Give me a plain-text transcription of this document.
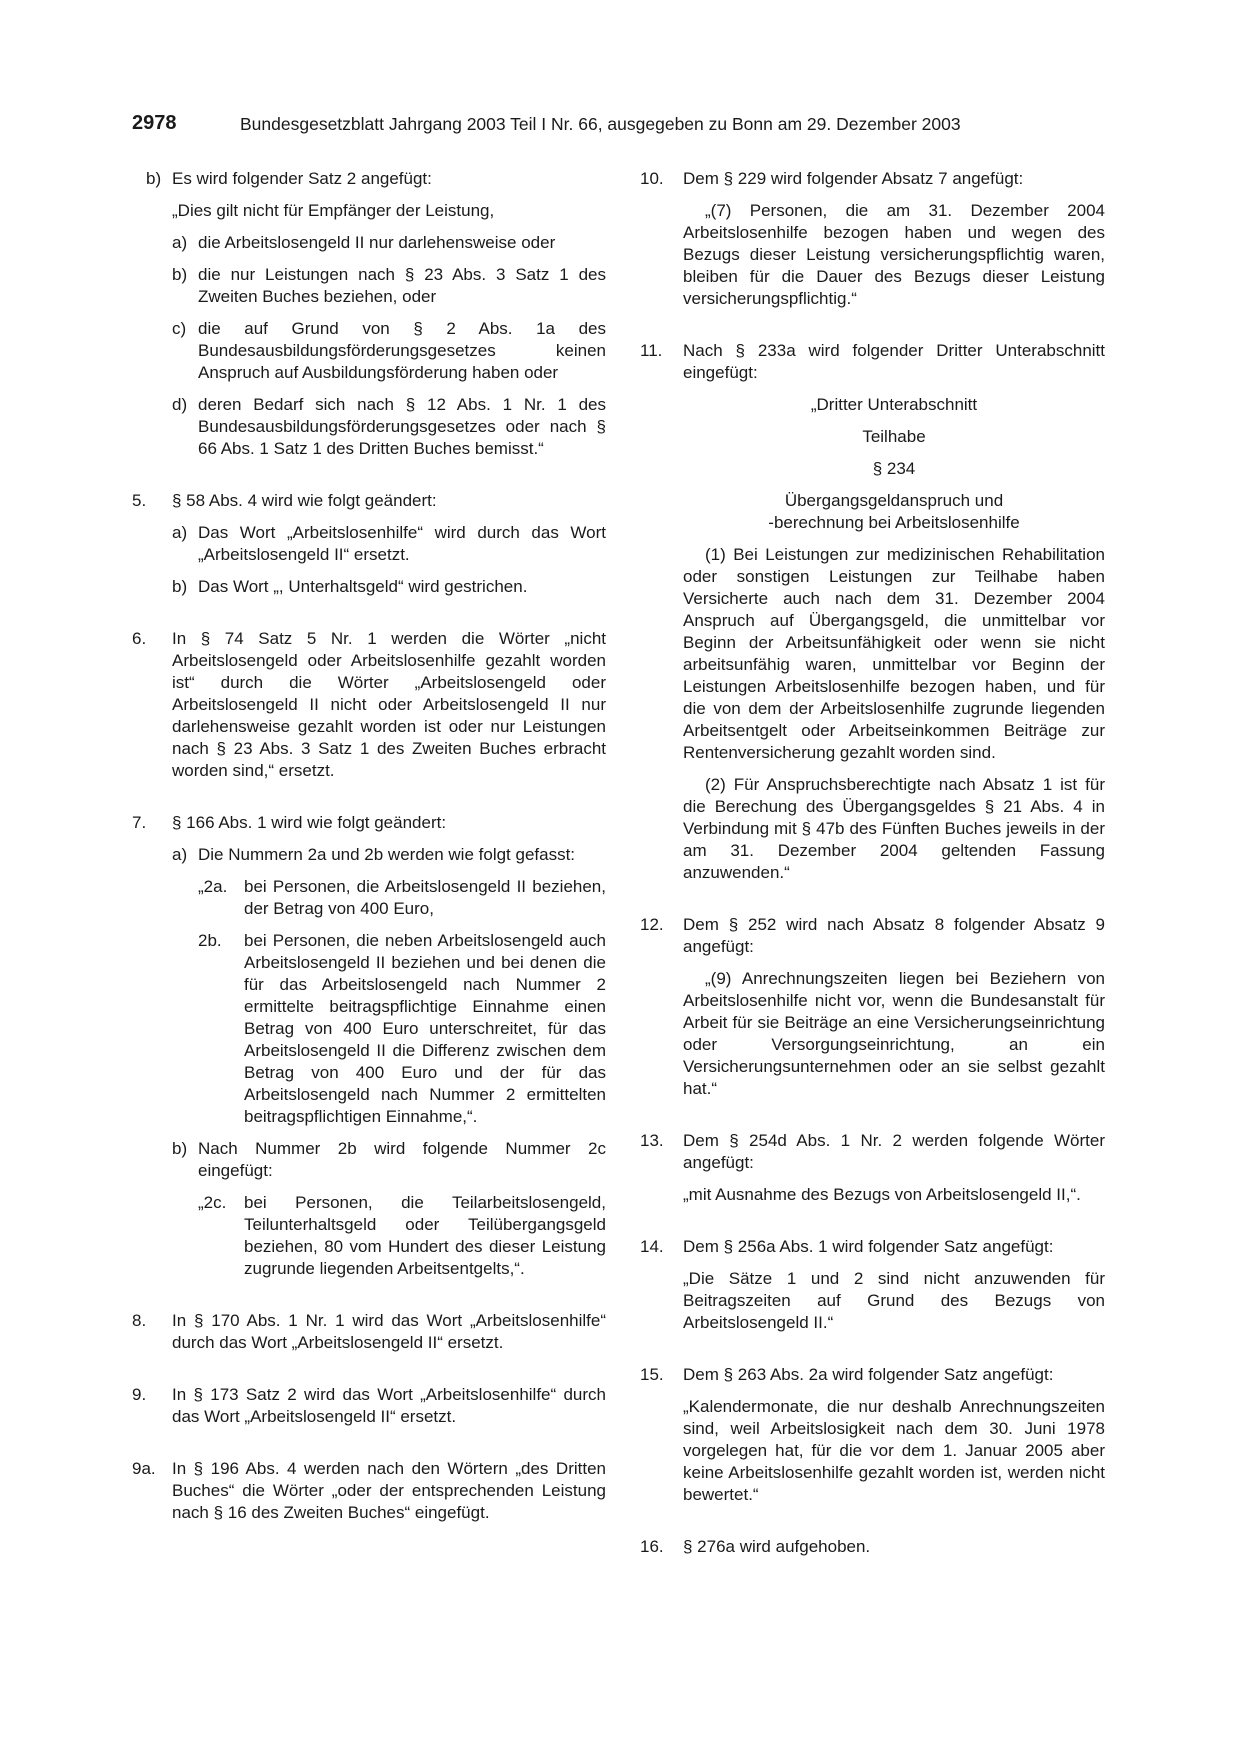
2978	Bundesgesetzblatt Jahrgang 2003 Teil I Nr. 66, ausgegeben zu Bonn am 29. Dezember 2003
b) Es wird folgender Satz 2 angefügt:

„Dies gilt nicht für Empfänger der Leistung,

a) die Arbeitslosengeld II nur darlehensweise oder
b) die nur Leistungen nach § 23 Abs. 3 Satz 1 des Zweiten Buches beziehen, oder
c) die auf Grund von § 2 Abs. 1a des Bundesausbildungsförderungsgesetzes keinen Anspruch auf Ausbildungsförderung haben oder
d) deren Bedarf sich nach § 12 Abs. 1 Nr. 1 des Bundesausbildungsförderungsgesetzes oder nach § 66 Abs. 1 Satz 1 des Dritten Buches bemisst.“
5. § 58 Abs. 4 wird wie folgt geändert:

a) Das Wort „Arbeitslosenhilfe“ wird durch das Wort „Arbeitslosengeld II“ ersetzt.
b) Das Wort „, Unterhaltsgeld“ wird gestrichen.
6. In § 74 Satz 5 Nr. 1 werden die Wörter „nicht Arbeitslosengeld oder Arbeitslosenhilfe gezahlt worden ist“ durch die Wörter „Arbeitslosengeld oder Arbeitslosengeld II nicht oder Arbeitslosengeld II nur darlehensweise gezahlt worden ist oder nur Leistungen nach § 23 Abs. 3 Satz 1 des Zweiten Buches erbracht worden sind,“ ersetzt.

7. § 166 Abs. 1 wird wie folgt geändert:

a) Die Nummern 2a und 2b werden wie folgt gefasst:
„2a. bei Personen, die Arbeitslosengeld II beziehen, der Betrag von 400 Euro,
2b. bei Personen, die neben Arbeitslosengeld auch Arbeitslosengeld II beziehen und bei denen die für das Arbeitslosengeld nach Nummer 2 ermittelte beitragspflichtige Einnahme einen Betrag von 400 Euro unterschreitet, für das Arbeitslosengeld II die Differenz zwischen dem Betrag von 400 Euro und der für das Arbeitslosengeld nach Nummer 2 ermittelten beitragspflichtigen Einnahme,“.
b) Nach Nummer 2b wird folgende Nummer 2c eingefügt:
„2c. bei Personen, die Teilarbeitslosengeld, Teilunterhaltsgeld oder Teilübergangsgeld beziehen, 80 vom Hundert des dieser Leistung zugrunde liegenden Arbeitsentgelts,“.
8. In § 170 Abs. 1 Nr. 1 wird das Wort „Arbeitslosenhilfe“ durch das Wort „Arbeitslosengeld II“ ersetzt.

9. In § 173 Satz 2 wird das Wort „Arbeitslosenhilfe“ durch das Wort „Arbeitslosengeld II“ ersetzt.

9a. In § 196 Abs. 4 werden nach den Wörtern „des Dritten Buches“ die Wörter „oder der entsprechenden Leistung nach § 16 des Zweiten Buches“ eingefügt.

10. Dem § 229 wird folgender Absatz 7 angefügt:

„(7) Personen, die am 31. Dezember 2004 Arbeitslosenhilfe bezogen haben und wegen des Bezugs dieser Leistung versicherungspflichtig waren, bleiben für die Dauer des Bezugs dieser Leistung versicherungspflichtig.“

11. Nach § 233a wird folgender Dritter Unterabschnitt eingefügt:

„Dritter Unterabschnitt

Teilhabe

§ 234

Übergangsgeldanspruch und

-berechnung bei Arbeitslosenhilfe

(1) Bei Leistungen zur medizinischen Rehabilitation oder sonstigen Leistungen zur Teilhabe haben Versicherte auch nach dem 31. Dezember 2004 Anspruch auf Übergangsgeld, die unmittelbar vor Beginn der Arbeitsunfähigkeit oder wenn sie nicht arbeitsunfähig waren, unmittelbar vor Beginn der Leistungen Arbeitslosenhilfe bezogen haben, und für die von dem der Arbeitslosenhilfe zugrunde liegenden Arbeitsentgelt oder Arbeitseinkommen Beiträge zur Rentenversicherung gezahlt worden sind.

(2) Für Anspruchsberechtigte nach Absatz 1 ist für die Berechung des Übergangsgeldes § 21 Abs. 4 in Verbindung mit § 47b des Fünften Buches jeweils in der am 31. Dezember 2004 geltenden Fassung anzuwenden.“

12. Dem § 252 wird nach Absatz 8 folgender Absatz 9 angefügt:

„(9) Anrechnungszeiten liegen bei Beziehern von Arbeitslosenhilfe nicht vor, wenn die Bundesanstalt für Arbeit für sie Beiträge an eine Versicherungseinrichtung oder Versorgungseinrichtung, an ein Versicherungsunternehmen oder an sie selbst gezahlt hat.“

13. Dem § 254d Abs. 1 Nr. 2 werden folgende Wörter angefügt:

„mit Ausnahme des Bezugs von Arbeitslosengeld II,“.

14. Dem § 256a Abs. 1 wird folgender Satz angefügt:

„Die Sätze 1 und 2 sind nicht anzuwenden für Beitragszeiten auf Grund des Bezugs von Arbeitslosengeld II.“

15. Dem § 263 Abs. 2a wird folgender Satz angefügt:

„Kalendermonate, die nur deshalb Anrechnungszeiten sind, weil Arbeitslosigkeit nach dem 30. Juni 1978 vorgelegen hat, für die vor dem 1. Januar 2005 aber keine Arbeitslosenhilfe gezahlt worden ist, werden nicht bewertet.“

16. § 276a wird aufgehoben.
